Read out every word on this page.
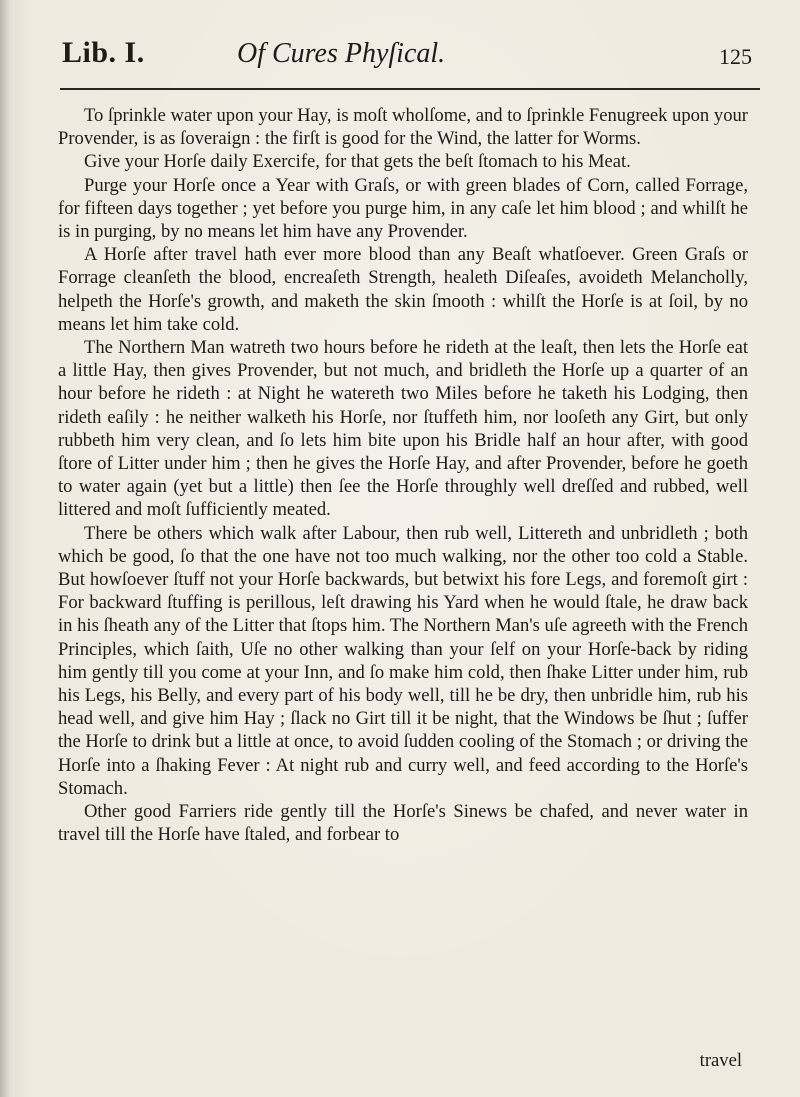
Lib. I.	Of Cures Phyſical.	125

To ſprinkle water upon your Hay, is moſt wholſome, and to ſprinkle Fenugreek upon your Provender, is as ſoveraign : the firſt is good for the Wind, the latter for Worms.

Give your Horſe daily Exercife, for that gets the beſt ſtomach to his Meat.

Purge your Horſe once a Year with Graſs, or with green blades of Corn, called Forrage, for fifteen days together ; yet before you purge him, in any caſe let him blood ; and whilſt he is in purging, by no means let him have any Provender.

A Horſe after travel hath ever more blood than any Beaſt whatſoever. Green Graſs or Forrage cleanſeth the blood, encreaſeth Strength, healeth Diſeaſes, avoideth Melancholly, helpeth the Horſe's growth, and maketh the skin ſmooth : whilſt the Horſe is at ſoil, by no means let him take cold.

The Northern Man watreth two hours before he rideth at the leaſt, then lets the Horſe eat a little Hay, then gives Provender, but not much, and bridleth the Horſe up a quarter of an hour before he rideth : at Night he watereth two Miles before he taketh his Lodging, then rideth eaſily : he neither walketh his Horſe, nor ſtuffeth him, nor looſeth any Girt, but only rubbeth him very clean, and ſo lets him bite upon his Bridle half an hour after, with good ſtore of Litter under him ; then he gives the Horſe Hay, and after Provender, before he goeth to water again (yet but a little) then ſee the Horſe throughly well dreſſed and rubbed, well littered and moſt ſufficiently meated.

There be others which walk after Labour, then rub well, Littereth and unbridleth ; both which be good, ſo that the one have not too much walking, nor the other too cold a Stable. But howſoever ſtuff not your Horſe backwards, but betwixt his fore Legs, and foremoſt girt : For backward ſtuffing is perillous, leſt drawing his Yard when he would ſtale, he draw back in his ſheath any of the Litter that ſtops him. The Northern Man's uſe agreeth with the French Principles, which ſaith, Uſe no other walking than your ſelf on your Horſe-back by riding him gently till you come at your Inn, and ſo make him cold, then ſhake Litter under him, rub his Legs, his Belly, and every part of his body well, till he be dry, then unbridle him, rub his head well, and give him Hay ; ſlack no Girt till it be night, that the Windows be ſhut ; ſuffer the Horſe to drink but a little at once, to avoid ſudden cooling of the Stomach ; or driving the Horſe into a ſhaking Fever : At night rub and curry well, and feed according to the Horſe's Stomach.

Other good Farriers ride gently till the Horſe's Sinews be chafed, and never water in travel till the Horſe have ſtaled, and forbear to

travel
